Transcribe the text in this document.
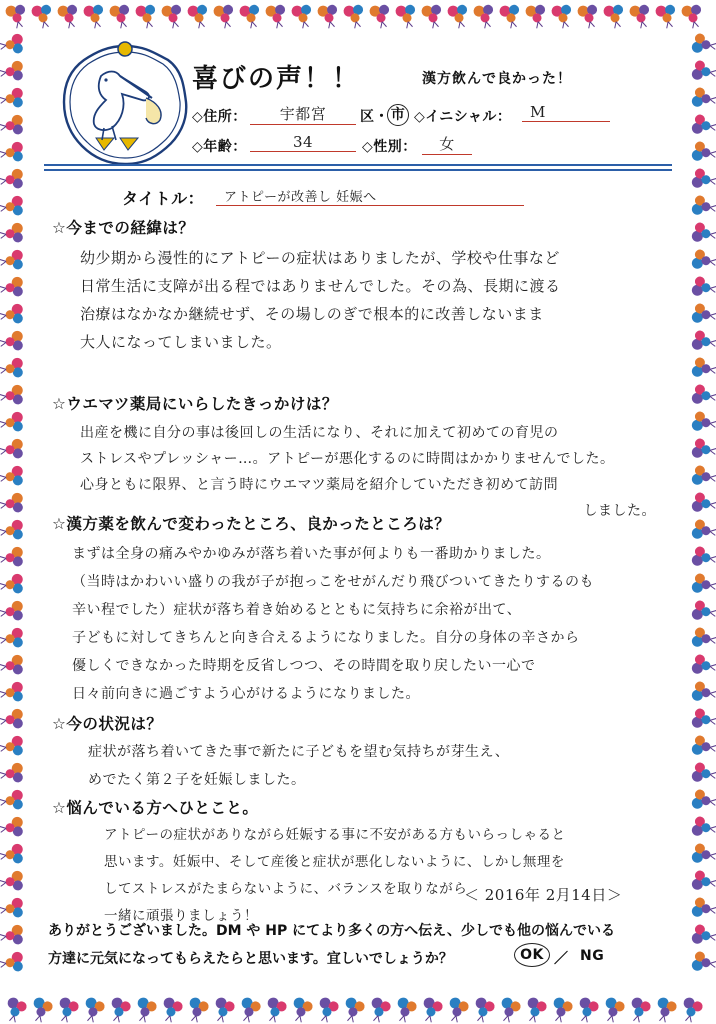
喜びの声！！	漢方飲んで良かった！
◇住所：	宇都宮	区・ 市 ◇イニシャル：	M
◇年齢：	34	◇性別：	女
タイトル：	アトピーが改善し 妊娠へ
☆今までの経緯は？
幼少期から漫性的にアトピーの症状はありましたが、学校や仕事など
日常生活に支障が出る程ではありませんでした。その為、長期に渡る
治療はなかなか継続せず、その場しのぎで根本的に改善しないまま
大人になってしまいました。
☆ウエマツ薬局にいらしたきっかけは？
出産を機に自分の事は後回しの生活になり、それに加えて初めての育児の
ストレスやプレッシャー…。アトピーが悪化するのに時間はかかりませんでした。
心身ともに限界、と言う時にウエマツ薬局を紹介していただき初めて訪問
しました。
☆漢方薬を飲んで変わったところ、良かったところは？
まずは全身の痛みやかゆみが落ち着いた事が何よりも一番助かりました。
（当時はかわいい盛りの我が子が抱っこをせがんだり飛びついてきたりするのも
辛い程でした）症状が落ち着き始めるとともに気持ちに余裕が出て、
子どもに対してきちんと向き合えるようになりました。自分の身体の辛さから
優しくできなかった時期を反省しつつ、その時間を取り戻したい一心で
日々前向きに過ごすよう心がけるようになりました。
☆今の状況は？
症状が落ち着いてきた事で新たに子どもを望む気持ちが芽生え、
めでたく第２子を妊娠しました。
☆悩んでいる方へひとこと。
アトピーの症状がありながら妊娠する事に不安がある方もいらっしゃると
思います。妊娠中、そして産後と症状が悪化しないように、しかし無理を
してストレスがたまらないように、バランスを取りながら
一緒に頑張りましょう！
＜ 2016年 2月14日＞
ありがとうございました。DM や HP にてより多くの方へ伝え、少しでも他の悩んでいる
方達に元気になってもらえたらと思います。宜しいでしょうか？	OK ／ NG
